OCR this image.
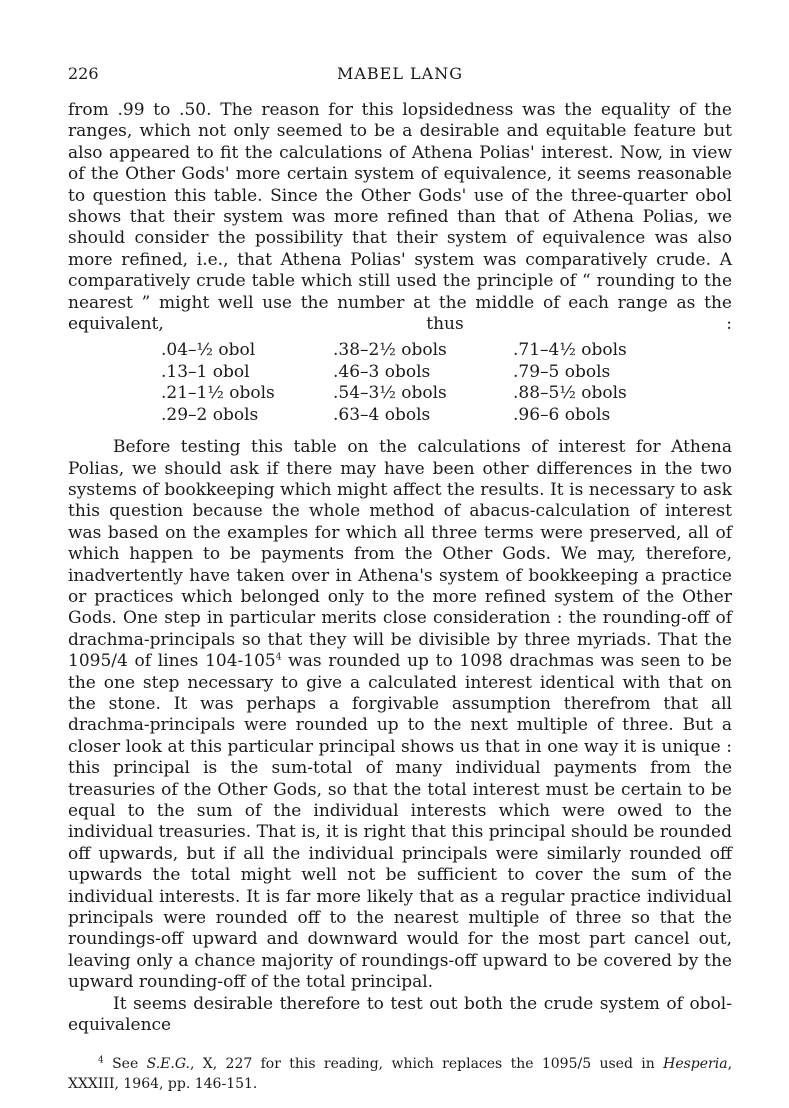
226	MABEL LANG

from .99 to .50. The reason for this lopsidedness was the equality of the ranges, which not only seemed to be a desirable and equitable feature but also appeared to fit the calculations of Athena Polias' interest. Now, in view of the Other Gods' more certain system of equivalence, it seems reasonable to question this table. Since the Other Gods' use of the three-quarter obol shows that their system was more refined than that of Athena Polias, we should consider the possibility that their system of equivalence was also more refined, i.e., that Athena Polias' system was comparatively crude. A comparatively crude table which still used the principle of “ rounding to the nearest ” might well use the number at the middle of each range as the equivalent, thus :

.04–½ obol
.13–1 obol
.21–1½ obols
.29–2 obols
.38–2½ obols
.46–3 obols
.54–3½ obols
.63–4 obols
.71–4½ obols
.79–5 obols
.88–5½ obols
.96–6 obols

Before testing this table on the calculations of interest for Athena Polias, we should ask if there may have been other differences in the two systems of bookkeeping which might affect the results. It is necessary to ask this question because the whole method of abacus-calculation of interest was based on the examples for which all three terms were preserved, all of which happen to be payments from the Other Gods. We may, therefore, inadvertently have taken over in Athena's system of bookkeeping a practice or practices which belonged only to the more refined system of the Other Gods. One step in particular merits close consideration : the rounding-off of drachma-principals so that they will be divisible by three myriads. That the 1095/4 of lines $104-105^4$ was rounded up to 1098 drachmas was seen to be the one step necessary to give a calculated interest identical with that on the stone. It was perhaps a forgivable assumption therefrom that all drachma-principals were rounded up to the next multiple of three. But a closer look at this particular principal shows us that in one way it is unique : this principal is the sum-total of many individual payments from the treasuries of the Other Gods, so that the total interest must be certain to be equal to the sum of the individual interests which were owed to the individual treasuries. That is, it is right that this principal should be rounded off upwards, but if all the individual principals were similarly rounded off upwards the total might well not be sufficient to cover the sum of the individual interests. It is far more likely that as a regular practice individual principals were rounded off to the nearest multiple of three so that the roundings-off upward and downward would for the most part cancel out, leaving only a chance majority of roundings-off upward to be covered by the upward rounding-off of the total principal.

It seems desirable therefore to test out both the crude system of obol-equivalence

$^4$ See S.E.G., X, 227 for this reading, which replaces the 1095/5 used in Hesperia, XXXIII, 1964, pp. 146-151.
